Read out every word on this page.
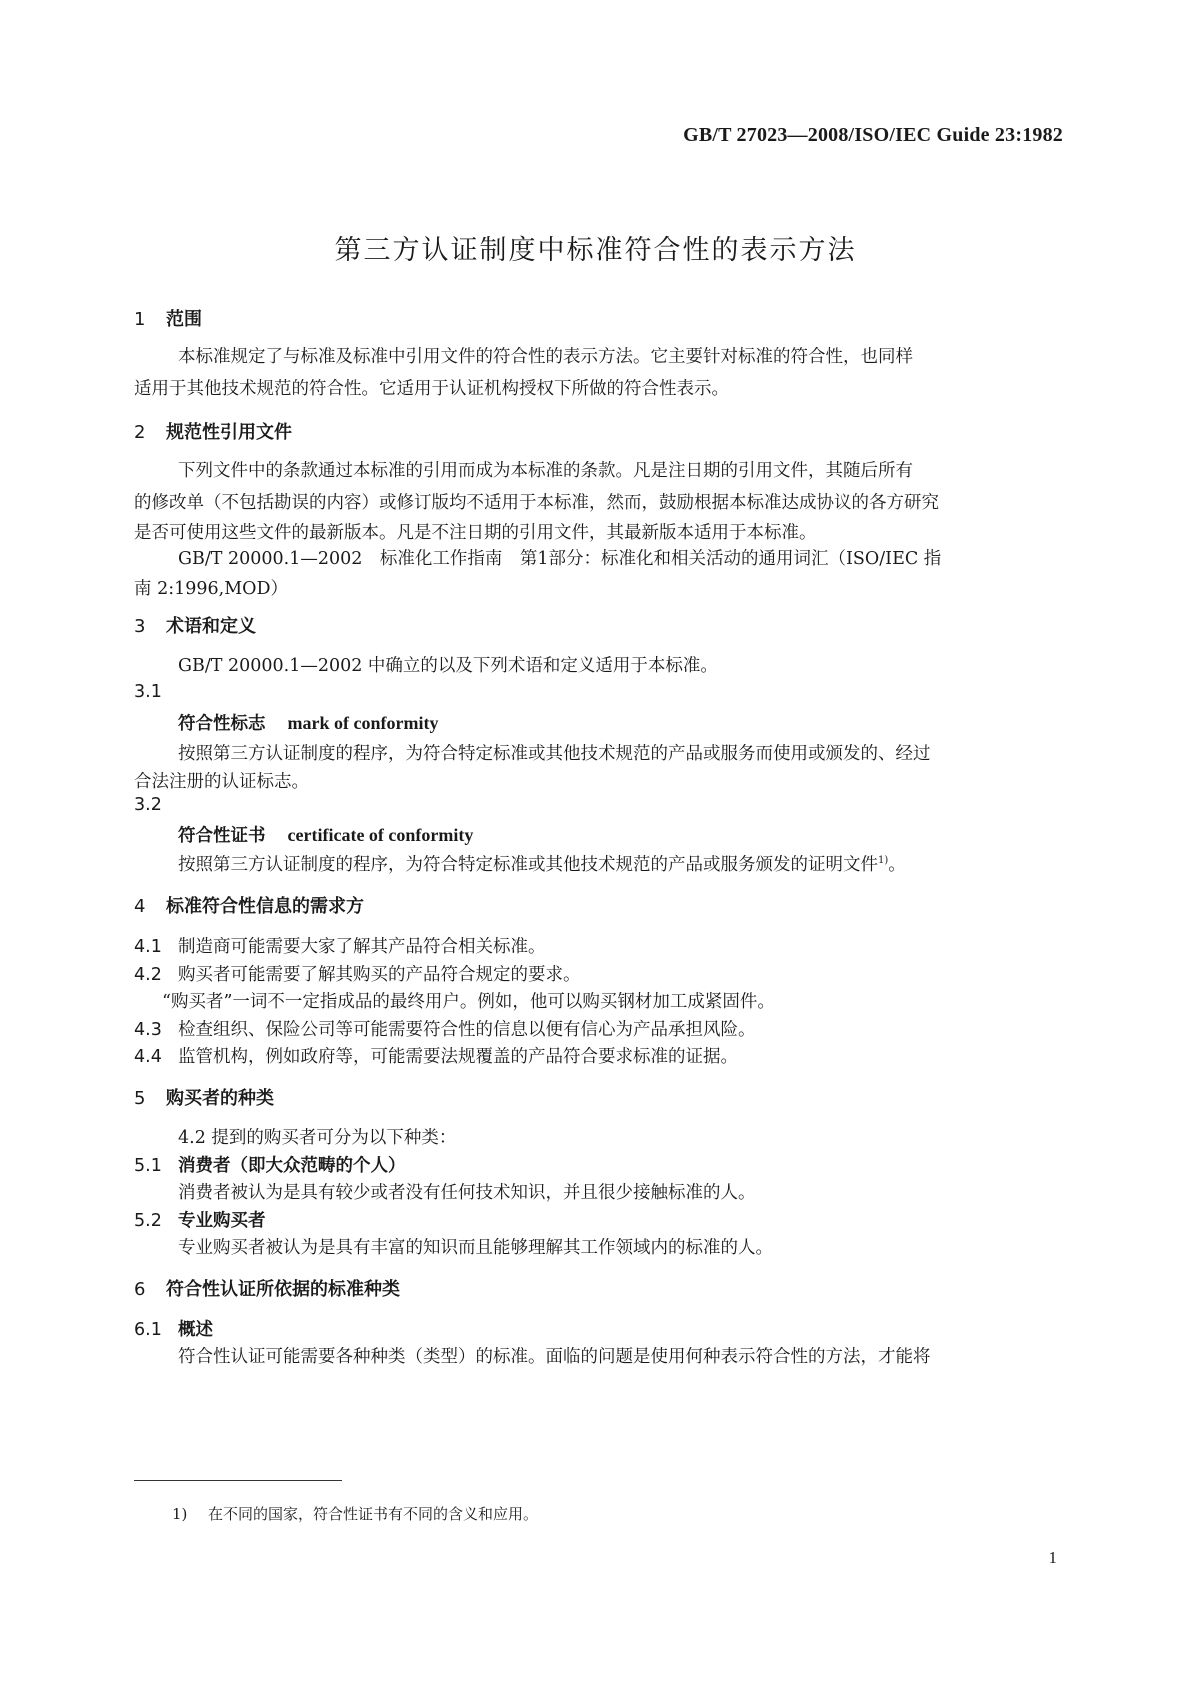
GB/T 27023—2008/ISO/IEC Guide 23:1982
第三方认证制度中标准符合性的表示方法
1 范围
本标准规定了与标准及标准中引用文件的符合性的表示方法。它主要针对标准的符合性，也同样
适用于其他技术规范的符合性。它适用于认证机构授权下所做的符合性表示。
2 规范性引用文件
下列文件中的条款通过本标准的引用而成为本标准的条款。凡是注日期的引用文件，其随后所有
的修改单（不包括勘误的内容）或修订版均不适用于本标准，然而，鼓励根据本标准达成协议的各方研究
是否可使用这些文件的最新版本。凡是不注日期的引用文件，其最新版本适用于本标准。
GB/T 20000.1—2002　标准化工作指南　第1部分：标准化和相关活动的通用词汇（ISO/IEC 指
南 2:1996,MOD）
3 术语和定义
GB/T 20000.1—2002 中确立的以及下列术语和定义适用于本标准。
3.1
符合性标志 mark of conformity
按照第三方认证制度的程序，为符合特定标准或其他技术规范的产品或服务而使用或颁发的、经过
合法注册的认证标志。
3.2
符合性证书 certificate of conformity
按照第三方认证制度的程序，为符合特定标准或其他技术规范的产品或服务颁发的证明文件$^{1)}$。
4 标准符合性信息的需求方
4.1 制造商可能需要大家了解其产品符合相关标准。
4.2 购买者可能需要了解其购买的产品符合规定的要求。
“购买者”一词不一定指成品的最终用户。例如，他可以购买钢材加工成紧固件。
4.3 检查组织、保险公司等可能需要符合性的信息以便有信心为产品承担风险。
4.4 监管机构，例如政府等，可能需要法规覆盖的产品符合要求标准的证据。
5 购买者的种类
4.2 提到的购买者可分为以下种类：
5.1 消费者（即大众范畴的个人）
消费者被认为是具有较少或者没有任何技术知识，并且很少接触标准的人。
5.2 专业购买者
专业购买者被认为是具有丰富的知识而且能够理解其工作领域内的标准的人。
6 符合性认证所依据的标准种类
6.1 概述
符合性认证可能需要各种种类（类型）的标准。面临的问题是使用何种表示符合性的方法，才能将
1) 在不同的国家，符合性证书有不同的含义和应用。
1
